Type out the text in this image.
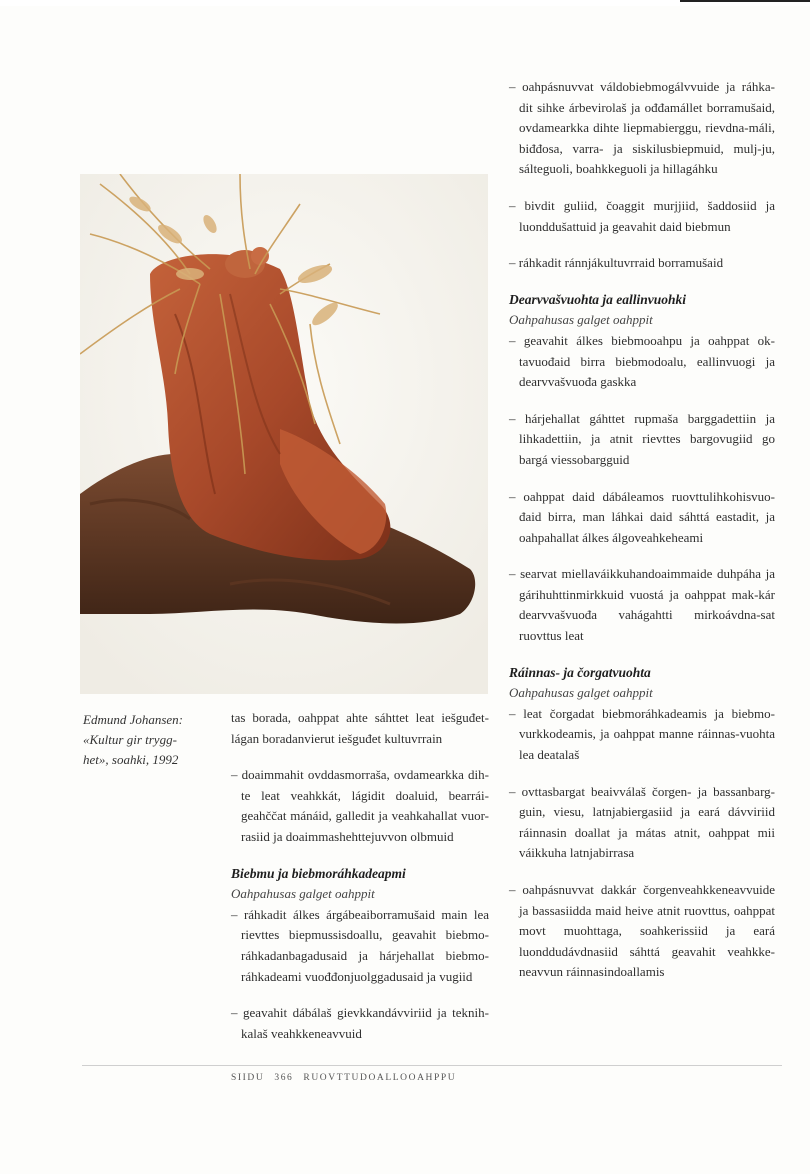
Edmund Johansen:
«Kultur gir trygg-
het», soahki, 1992

tas borada, oahppat ahte sáhttet leat iešguđet-lágan boradanvierut iešguđet kultuvrrain

– doaimmahit ovddasmorraša, ovdamearkka dih-te leat veahkkát, lágidit doaluid, bearrái-geahččat mánáid, galledit ja veahkahallat vuor-rasiid ja doaimmashehttejuvvon olbmuid

Biebmu ja biebmoráhkadeapmi
Oahpahusas galget oahppit

– ráhkadit álkes árgábeaiborramušaid main lea rievttes biepmussisdoallu, geavahit biebmo-ráhkadanbagadusaid ja hárjehallat biebmo-ráhkadeami vuođđonjuolggadusaid ja vugiid

– geavahit dábálaš gievkkandávviriid ja teknih-kalaš veahkkeneavvuid

– oahpásnuvvat váldobiebmogálvvuide ja ráhka-dit sihke árbevirolaš ja ođđamállet borramušaid, ovdamearkka dihte liepmabierggu, rievdna-máli, biđđosa, varra- ja siskilusbiepmuid, mulj-ju, sálteguoli, boahkkeguoli ja hillagáhku

– bivdit guliid, čoaggit murjjiid, šaddosiid ja luonddušattuid ja geavahit daid biebmun

– ráhkadit ránnjákultuvrraid borramušaid

Dearvvašvuohta ja eallinvuohki
Oahpahusas galget oahppit

– geavahit álkes biebmooahpu ja oahppat ok-tavuođaid birra biebmodoalu, eallinvuogi ja dearvvašvuođa gaskka

– hárjehallat gáhttet rupmaša barggadettiin ja lihkadettiin, ja atnit rievttes bargovugiid go bargá viessobargguid

– oahppat daid dábáleamos ruovttulihkohisvuo-đaid birra, man láhkai daid sáhttá eastadit, ja oahpahallat álkes álgoveahkeheami

– searvat miellaváikkuhandoaimmaide duhpáha ja gárihuhttinmirkkuid vuostá ja oahppat mak-kár dearvvašvuođa vahágahtti mirkoávdna-sat ruovttus leat

Ráinnas- ja čorgatvuohta
Oahpahusas galget oahppit

– leat čorgadat biebmoráhkadeamis ja biebmo-vurkkodeamis, ja oahppat manne ráinnas-vuohta lea deatalaš

– ovttasbargat beaivválaš čorgen- ja bassanbarg-guin, viesu, latnjabiergasiid ja eará dávviriid ráinnasin doallat ja mátas atnit, oahppat mii váikkuha latnjabirrasa

– oahpásnuvvat dakkár čorgenveahkkeneavvuide ja bassasiidda maid heive atnit ruovttus, oahppat movt muohttaga, soahkerissiid ja eará luonddudávdnasiid sáhttá geavahit veahkke-neavvun ráinnasindoallamis

SIIDU 366 RUOVTTUDOALLOOAHPPU
